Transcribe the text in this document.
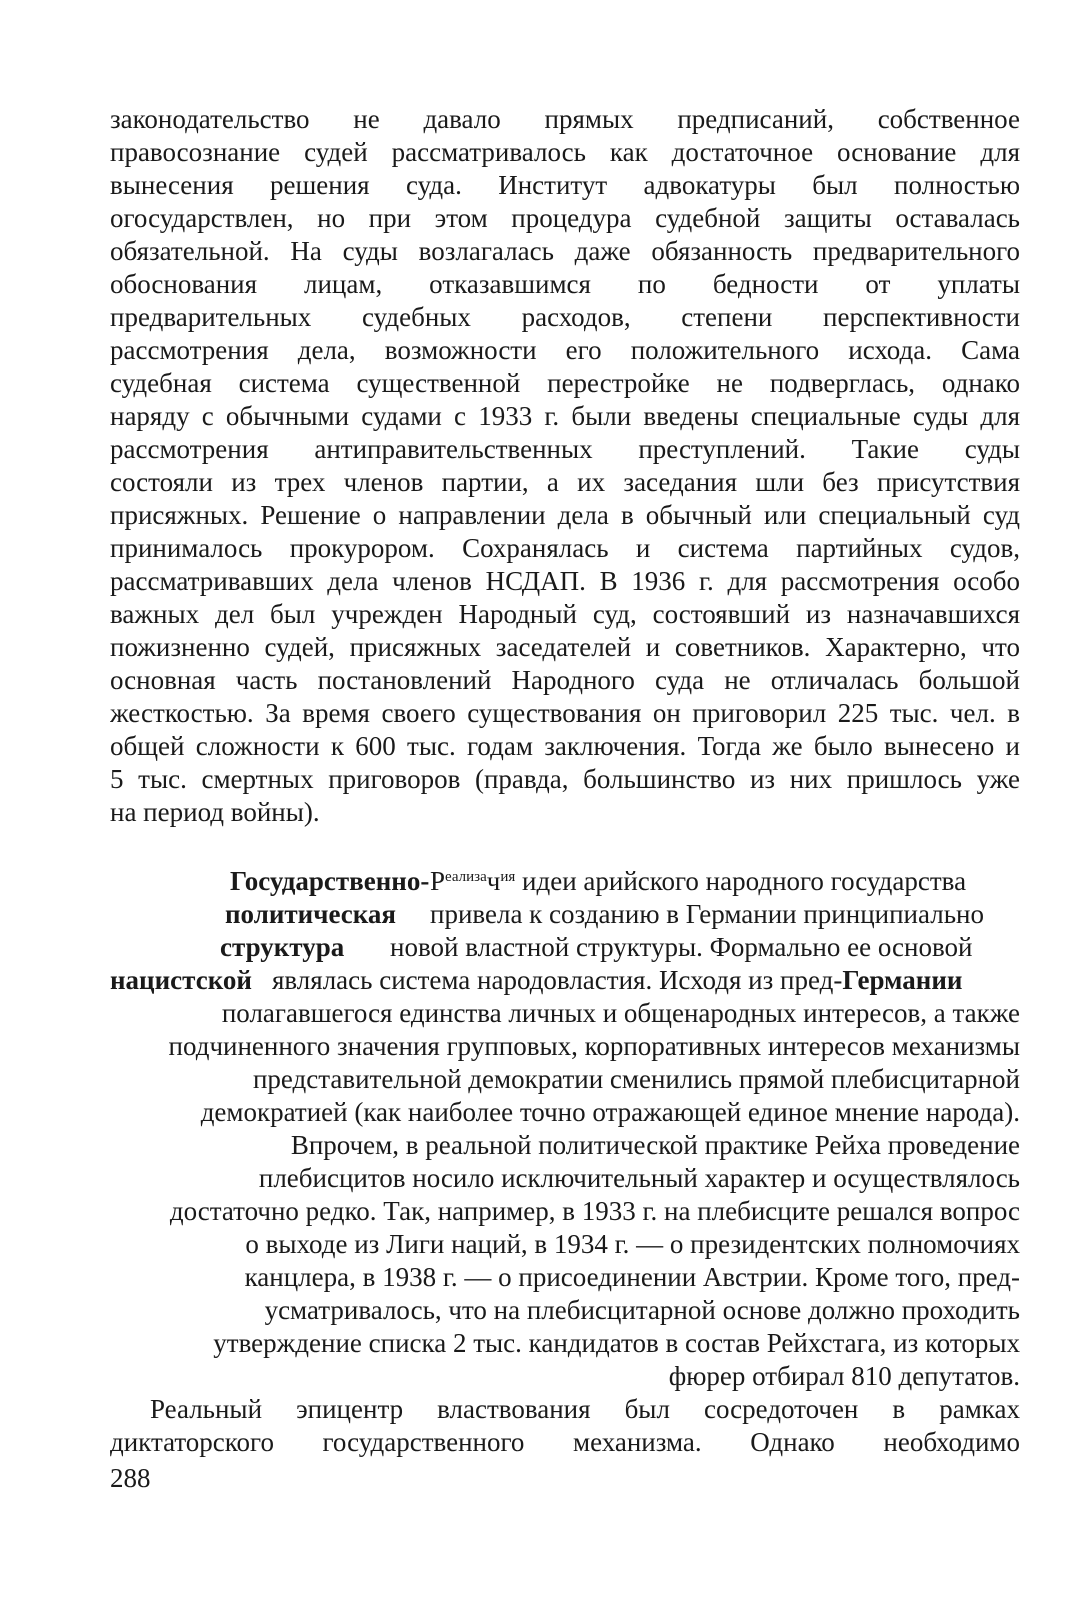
законодательство не давало прямых предписаний, собственное
правосознание судей рассматривалось как достаточное основание для
вынесения решения суда. Институт адвокатуры был полностью
огосударствлен, но при этом процедура судебной защиты оставалась
обязательной. На суды возлагалась даже обязанность предварительного
обоснования лицам, отказавшимся по бедности от уплаты
предварительных судебных расходов, степени перспективности
рассмотрения дела, возможности его положительного исхода. Сама
судебная система существенной перестройке не подверглась, однако
наряду с обычными судами с 1933 г. были введены специальные суды для
рассмотрения антиправительственных преступлений. Такие суды
состояли из трех членов партии, а их заседания шли без присутствия
присяжных. Решение о направлении дела в обычный или специальный суд
принималось прокурором. Сохранялась и система партийных судов,
рассматривавших дела членов НСДАП. В 1936 г. для рассмотрения особо
важных дел был учрежден Народный суд, состоявший из назначавшихся
пожизненно судей, присяжных заседателей и советников. Характерно, что
основная часть постановлений Народного суда не отличалась большой
жесткостью. За время своего существования он приговорил 225 тыс. чел. в
общей сложности к 600 тыс. годам заключения. Тогда же было вынесено и
5 тыс. смертных приговоров (правда, большинство из них пришлось уже
на период войны).
Государственно-$Р^{еализа}ч^{ия}$ идеи арийского народного государства
политическая привела к созданию в Германии принципиально
структура новой властной структуры. Формально ее основой
нацистской являлась система народовластия. Исходя из пред-Германии
полагавшегося единства личных и общенародных интересов, а также
подчиненного значения групповых, корпоративных интересов механизмы
представительной демократии сменились прямой плебисцитарной
демократией (как наиболее точно отражающей единое мнение народа).
Впрочем, в реальной политической практике Рейха проведение
плебисцитов носило исключительный характер и осуществлялось
достаточно редко. Так, например, в 1933 г. на плебисците решался вопрос
о выходе из Лиги наций, в 1934 г. — о президентских полномочиях
канцлера, в 1938 г. — о присоединении Австрии. Кроме того, пред-
усматривалось, что на плебисцитарной основе должно проходить
утверждение списка 2 тыс. кандидатов в состав Рейхстага, из которых
фюрер отбирал 810 депутатов.
Реальный эпицентр властвования был сосредоточен в рамках
диктаторского государственного механизма. Однако необходимо
288
